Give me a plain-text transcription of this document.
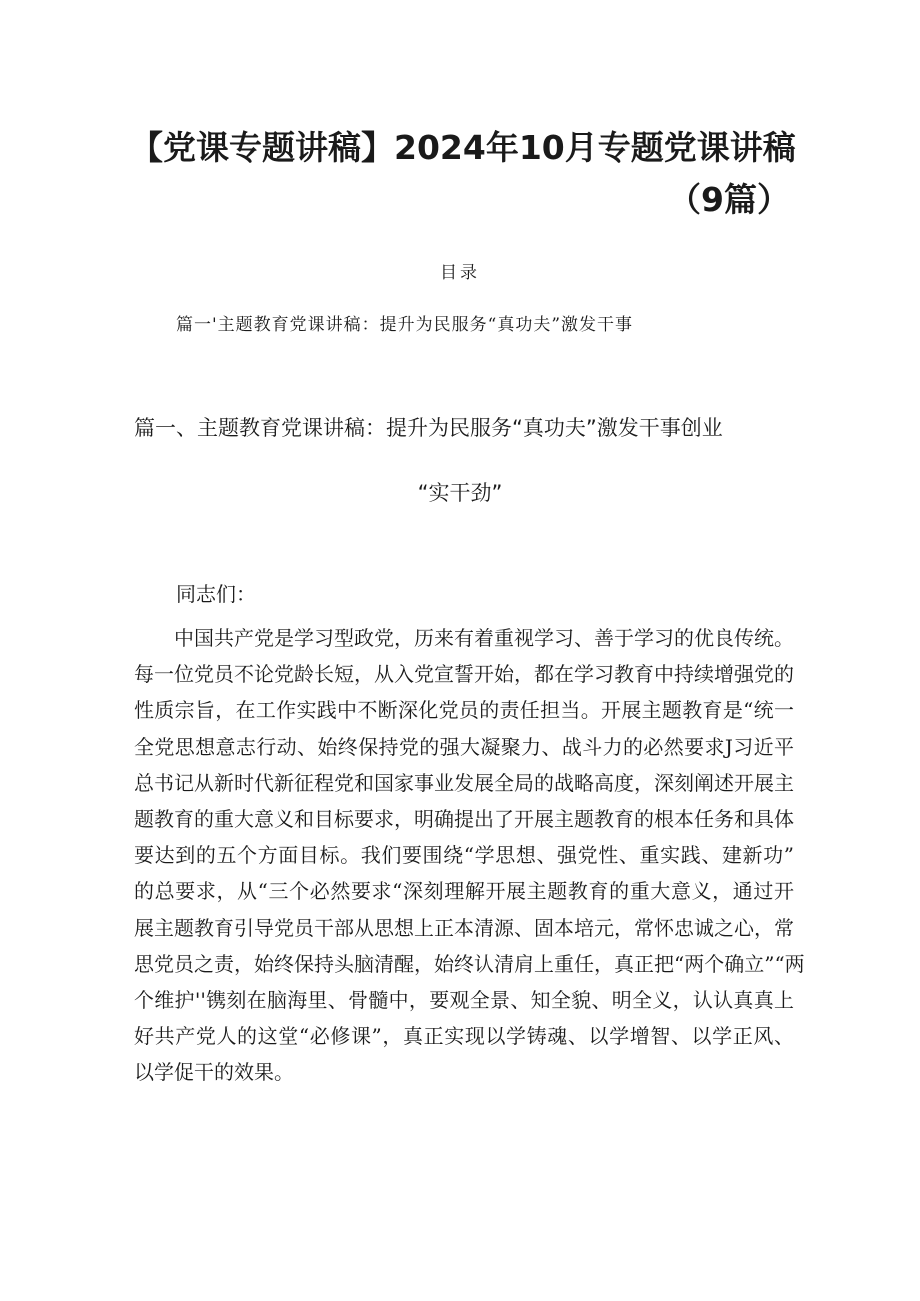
【党课专题讲稿】2024年10月专题党课讲稿
（9篇）
目录
篇一'主题教育党课讲稿：提升为民服务“真功夫”激发干事
篇一、主题教育党课讲稿：提升为民服务“真功夫”激发干事创业
“实干劲”
同志们：
中国共产党是学习型政党，历来有着重视学习、善于学习的优良传统。
每一位党员不论党龄长短，从入党宣誓开始，都在学习教育中持续增强党的
性质宗旨，在工作实践中不断深化党员的责任担当。开展主题教育是“统一
全党思想意志行动、始终保持党的强大凝聚力、战斗力的必然要求J习近平
总书记从新时代新征程党和国家事业发展全局的战略高度，深刻阐述开展主
题教育的重大意义和目标要求，明确提出了开展主题教育的根本任务和具体
要达到的五个方面目标。我们要围绕“学思想、强党性、重实践、建新功”
的总要求，从“三个必然要求“深刻理解开展主题教育的重大意义，通过开
展主题教育引导党员干部从思想上正本清源、固本培元，常怀忠诚之心，常
思党员之责，始终保持头脑清醒，始终认清肩上重任，真正把“两个确立”“两
个维护''镌刻在脑海里、骨髓中，要观全景、知全貌、明全义，认认真真上
好共产党人的这堂“必修课”，真正实现以学铸魂、以学增智、以学正风、
以学促干的效果。
